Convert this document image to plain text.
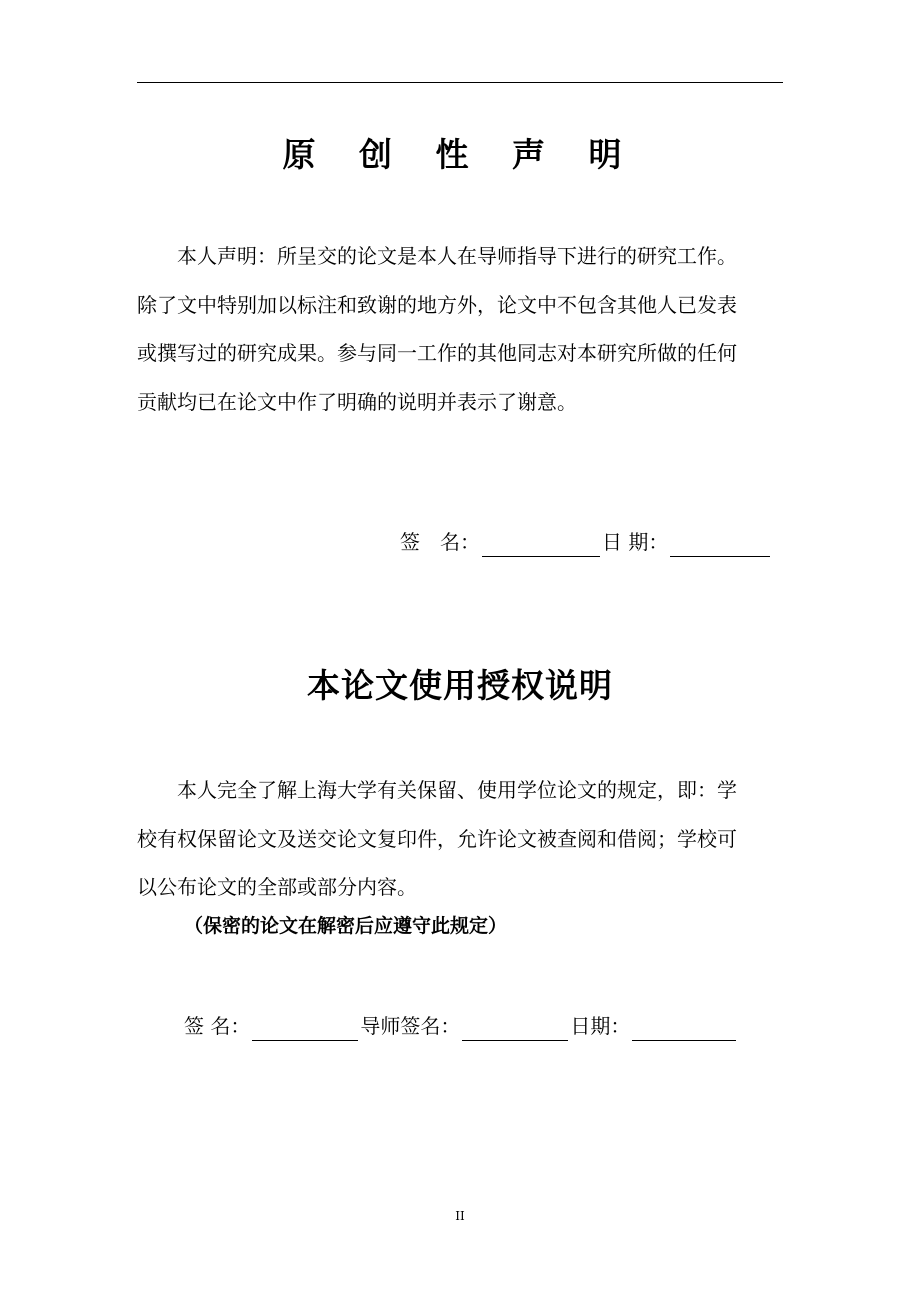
原 创 性 声 明

　　本人声明：所呈交的论文是本人在导师指导下进行的研究工作。

除了文中特别加以标注和致谢的地方外，论文中不包含其他人已发表

或撰写过的研究成果。参与同一工作的其他同志对本研究所做的任何

贡献均已在论文中作了明确的说明并表示了谢意。

签　名：	日 期：
本论文使用授权说明

　　本人完全了解上海大学有关保留、使用学位论文的规定，即：学

校有权保留论文及送交论文复印件，允许论文被查阅和借阅；学校可

以公布论文的全部或部分内容。

（保密的论文在解密后应遵守此规定）
签 名：	导师签名：	日期：
II
